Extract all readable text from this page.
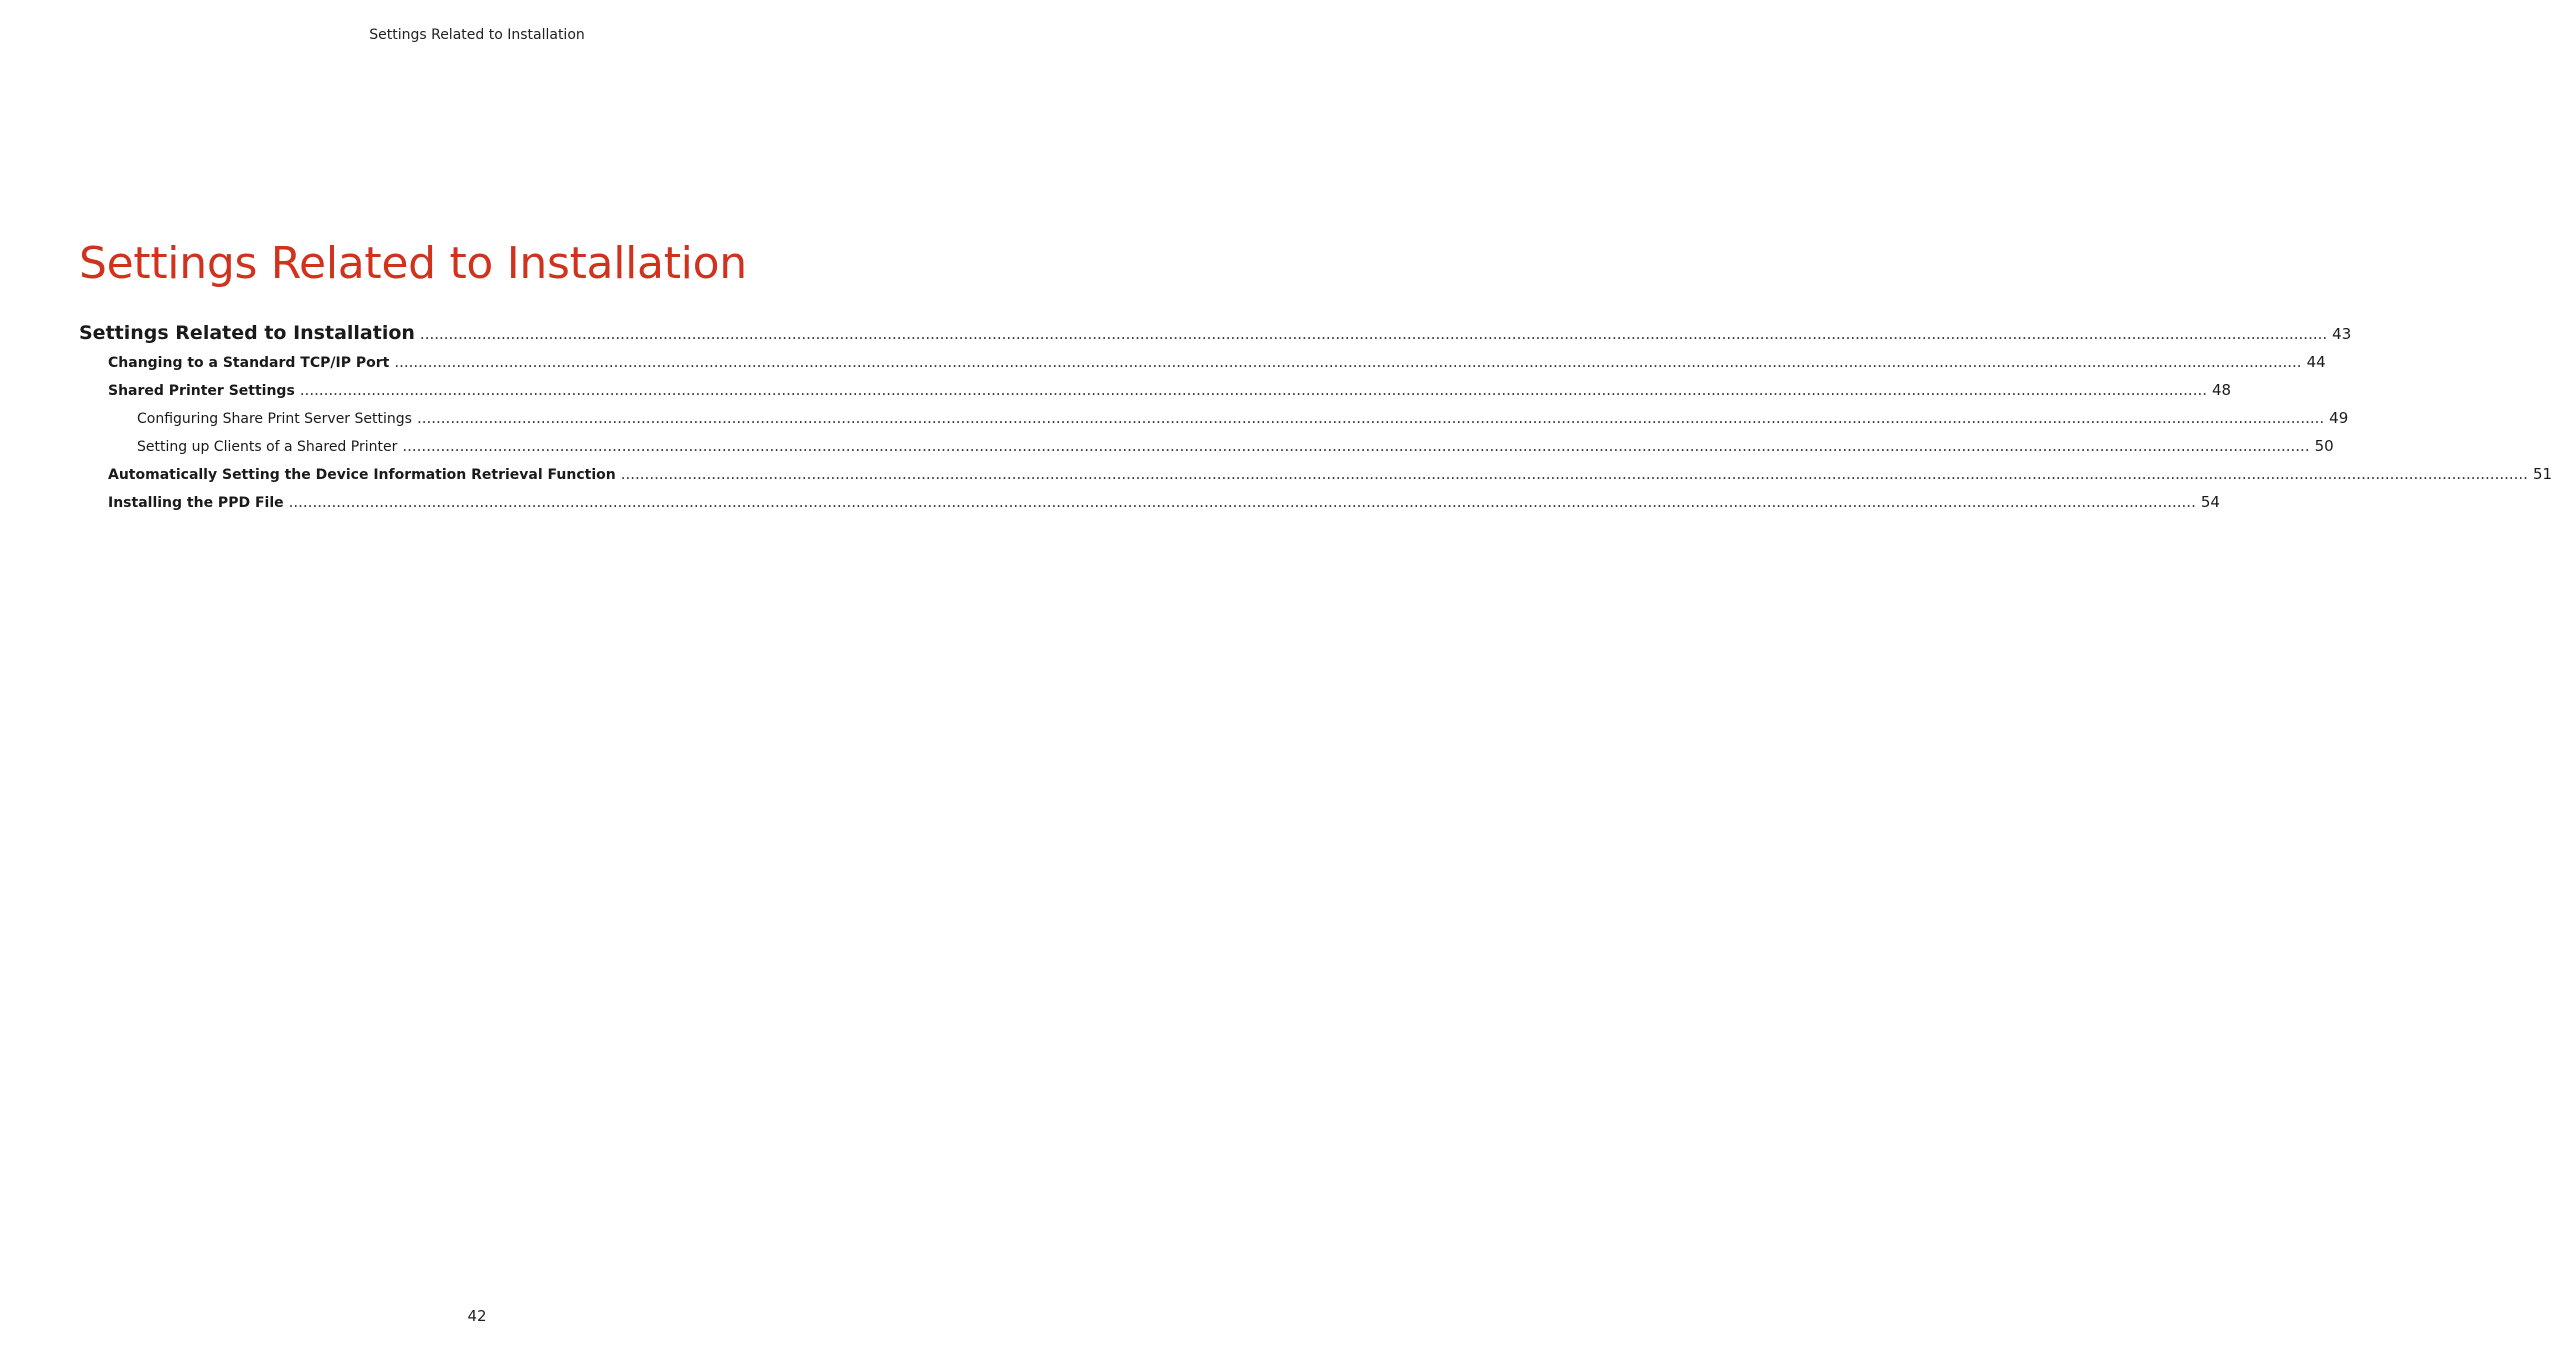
Settings Related to Installation
Settings Related to Installation
Settings Related to Installation ................................................................................................................................................................................................................................................................................................................................................................................................................ 43
Changing to a Standard TCP/IP Port ................................................................................................................................................................................................................................................................................................................................................................................................................ 44
Shared Printer Settings ................................................................................................................................................................................................................................................................................................................................................................................................................ 48
Configuring Share Print Server Settings ................................................................................................................................................................................................................................................................................................................................................................................................................ 49
Setting up Clients of a Shared Printer ................................................................................................................................................................................................................................................................................................................................................................................................................ 50
Automatically Setting the Device Information Retrieval Function ................................................................................................................................................................................................................................................................................................................................................................................................................ 51
Installing the PPD File ................................................................................................................................................................................................................................................................................................................................................................................................................ 54
42
